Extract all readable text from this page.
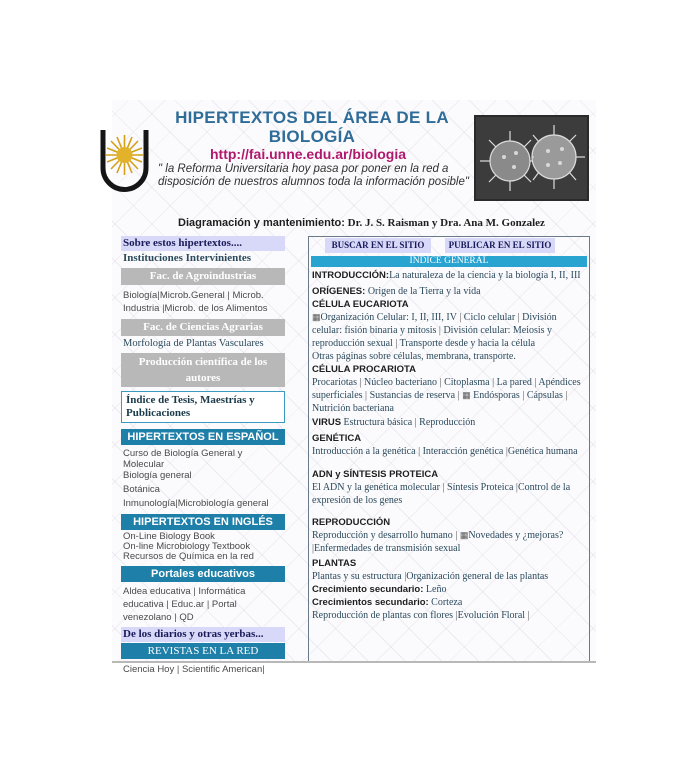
HIPERTEXTOS DEL ÁREA DE LA
BIOLOGÍA
http://fai.unne.edu.ar/biologia
" la Reforma Universitaria hoy pasa por poner en la red a disposición de nuestros alumnos toda la información posible"
Diagramación y mantenimiento: Dr. J. S. Raisman y Dra. Ana M. Gonzalez
Sobre estos hipertextos....
Instituciones Intervinientes
Fac. de Agroindustrias
Biología|Microb.General | Microb. Industria |Microb. de los Alimentos
Fac. de Ciencias Agrarias
Morfología de Plantas Vasculares
Producción científica de los autores
Índice de Tesis, Maestrías y Publicaciones
HIPERTEXTOS EN ESPAÑOL
Curso de Biología General y Molecular
Biología general
Botánica
Inmunología|Microbiología general
HIPERTEXTOS EN INGLÉS
On-Line Biology Book
On-line Microbiology Textbook
Recursos de Química en la red
Portales educativos
Aldea educativa | Informática educativa | Educ.ar | Portal venezolano | QD
De los diarios y otras yerbas...
REVISTAS EN LA RED
Ciencia Hoy | Scientific American|
BUSCAR EN EL SITIO	PUBLICAR EN EL SITIO
INDICE GENERAL

INTRODUCCIÓN:La naturaleza de la ciencia y la biología I, II, III

ORÍGENES: Origen de la Tierra y la vida

CÉLULA EUCARIOTA

▦Organización Celular: I, II, III, IV | Ciclo celular | División celular: fisión binaria y mitosis | División celular: Meiosis y reproducción sexual | Transporte desde y hacia la célula

Otras páginas sobre células, membrana, transporte.

CÉLULA PROCARIOTA

Procariotas | Núcleo bacteriano | Citoplasma | La pared | Apéndices superficiales | Sustancias de reserva | ▦ Endósporas | Cápsulas | Nutrición bacteriana

VIRUS Estructura básica | Reproducción

GENÉTICA

Introducción a la genética | Interacción genética |Genética humana

ADN y SÍNTESIS PROTEICA

El ADN y la genética molecular | Síntesis Proteica |Control de la expresión de los genes

REPRODUCCIÓN

Reproducción y desarrollo humano | ▦Novedades y ¿mejoras? |Enfermedades de transmisión sexual

PLANTAS

Plantas y su estructura |Organización general de las plantas

Crecimiento secundario: Leño

Crecimientos secundario: Corteza

Reproducción de plantas con flores |Evolución Floral |
